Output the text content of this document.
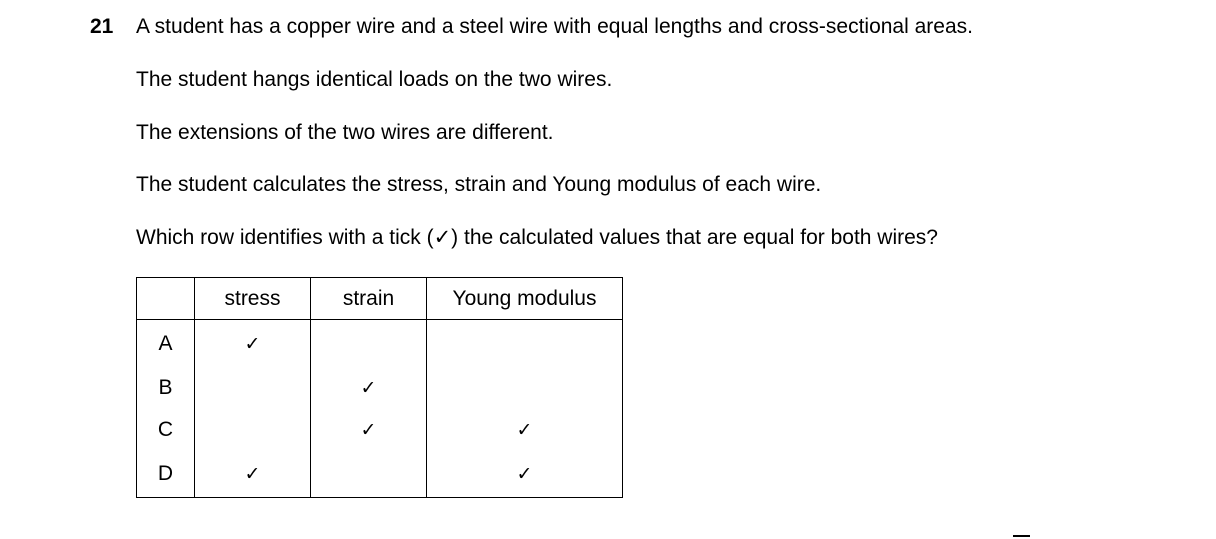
21 A student has a copper wire and a steel wire with equal lengths and cross-sectional areas.
The student hangs identical loads on the two wires.
The extensions of the two wires are different.
The student calculates the stress, strain and Young modulus of each wire.
Which row identifies with a tick (✓) the calculated values that are equal for both wires?
	stress	strain	Young modulus
A	✓		
B		✓	
C		✓	✓
D	✓		✓
